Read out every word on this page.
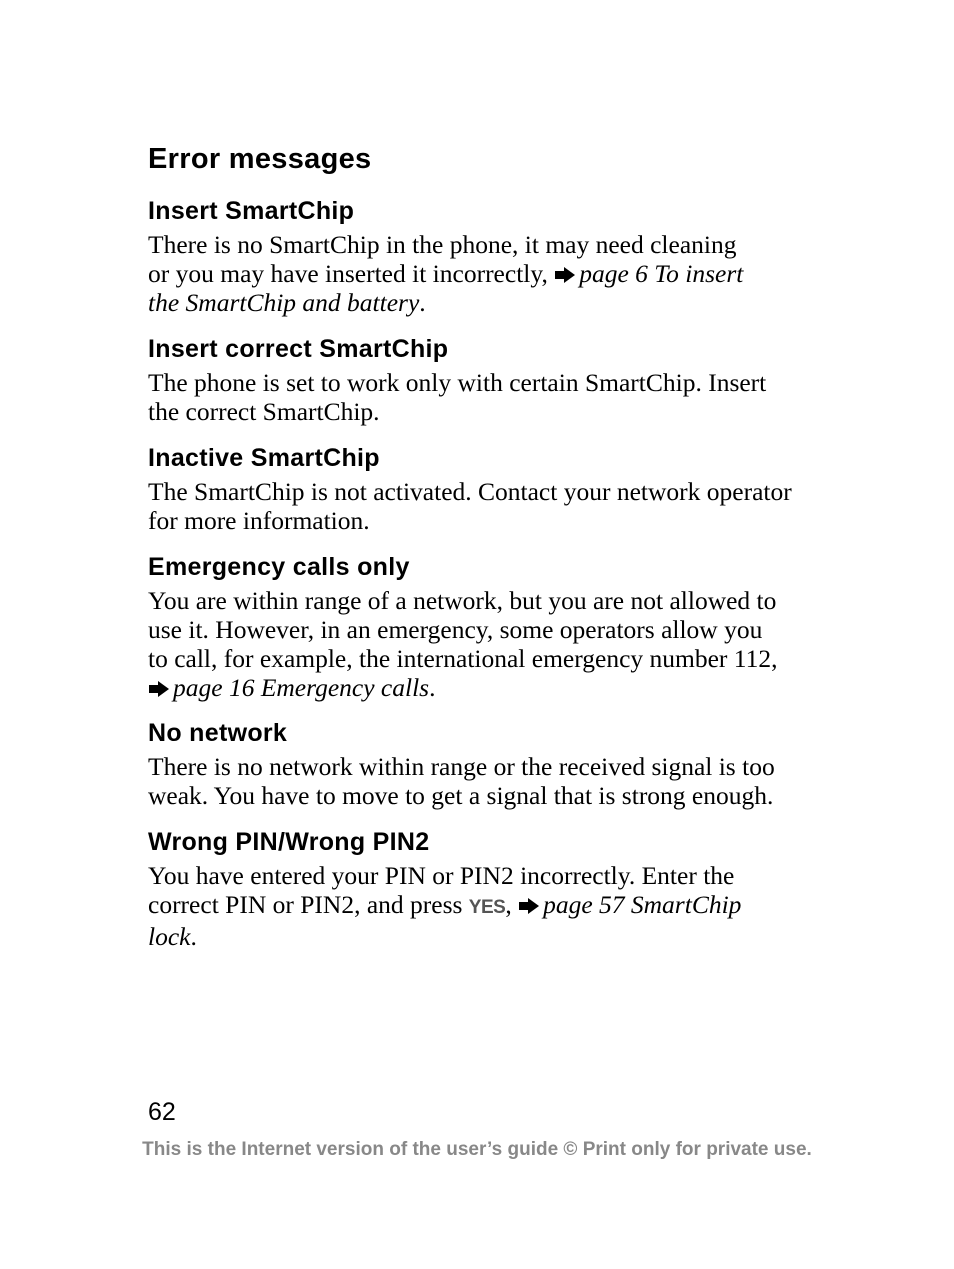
Error messages
Insert SmartChip

There is no SmartChip in the phone, it may need cleaning
or you may have inserted it incorrectly, page 6 To insert
the SmartChip and battery.

Insert correct SmartChip

The phone is set to work only with certain SmartChip. Insert
the correct SmartChip.

Inactive SmartChip

The SmartChip is not activated. Contact your network operator
for more information.

Emergency calls only

You are within range of a network, but you are not allowed to
use it. However, in an emergency, some operators allow you
to call, for example, the international emergency number 112,
page 16 Emergency calls.

No network

There is no network within range or the received signal is too
weak. You have to move to get a signal that is strong enough.

Wrong PIN/Wrong PIN2

You have entered your PIN or PIN2 incorrectly. Enter the
correct PIN or PIN2, and press YES, page 57 SmartChip
lock.

62
This is the Internet version of the user’s guide © Print only for private use.
